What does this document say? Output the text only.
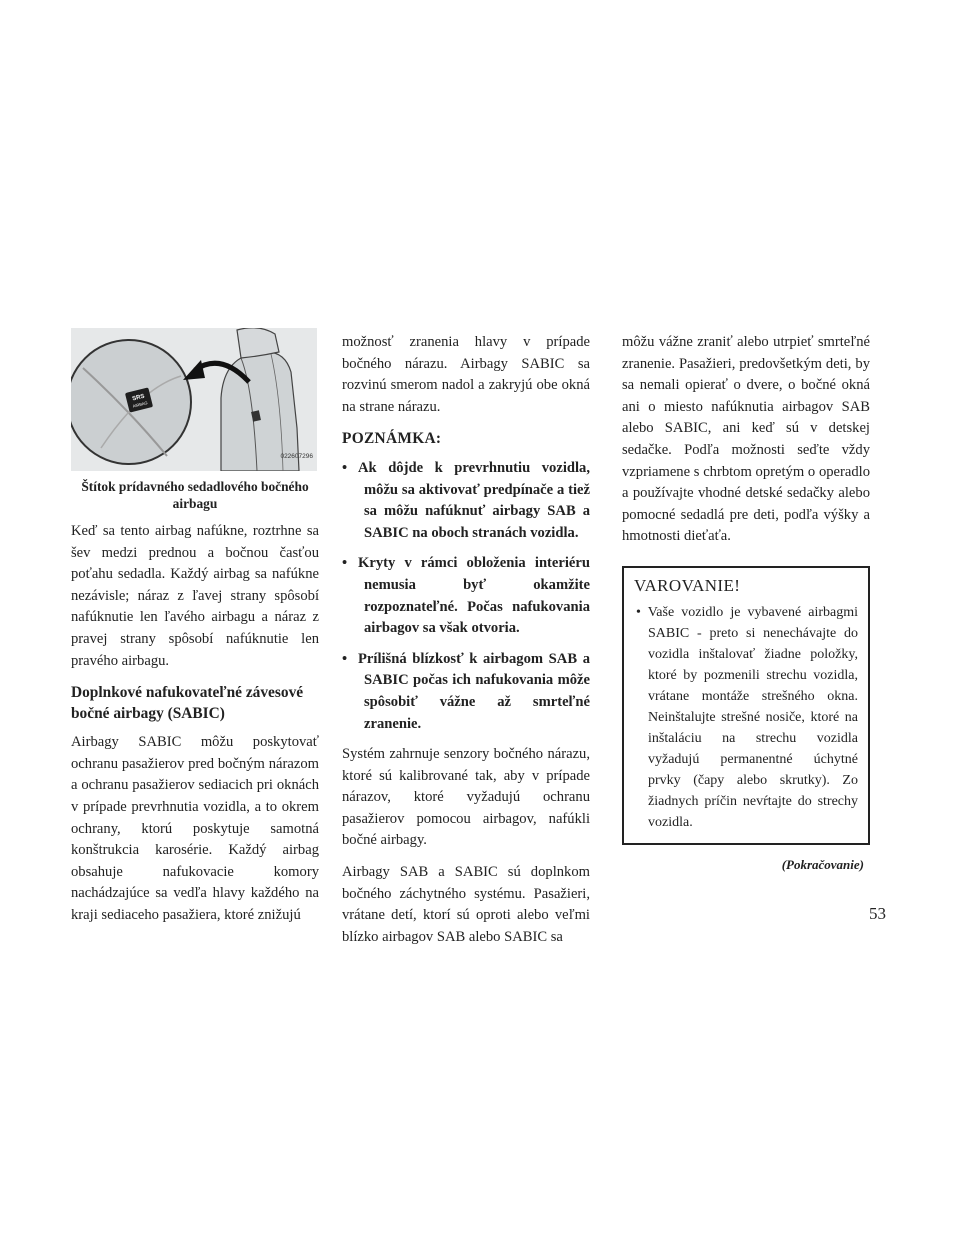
SRS
AIRBAG
022607296
Štítok prídavného sedadlového bočného airbagu

Keď sa tento airbag nafúkne, roztrhne sa šev medzi prednou a bočnou časťou poťahu sedadla. Každý airbag sa nafúkne nezávisle; náraz z ľavej strany spôsobí nafúknutie len ľavého airbagu a náraz z pravej strany spôsobí nafúknutie len pravého airbagu.

Doplnkové nafukovateľné závesové bočné airbagy (SABIC)

Airbagy SABIC môžu poskytovať ochranu pasažierov pred bočným nárazom a ochranu pasažierov sediacich pri oknách v prípade prevrhnutia vozidla, a to okrem ochrany, ktorú poskytuje samotná konštrukcia karosérie. Každý airbag obsahuje nafukovacie komory nachádzajúce sa vedľa hlavy každého na kraji sediaceho pasažiera, ktoré znižujú

možnosť zranenia hlavy v prípade bočného nárazu. Airbagy SABIC sa rozvinú smerom nadol a zakryjú obe okná na strane nárazu.

POZNÁMKA:
• Ak dôjde k prevrhnutiu vozidla, môžu sa aktivovať predpínače a tiež sa môžu nafúknuť airbagy SAB a SABIC na oboch stranách vozidla.
• Kryty v rámci obloženia interiéru nemusia byť okamžite rozpoznateľné. Počas nafukovania airbagov sa však otvoria.
• Prílišná blízkosť k airbagom SAB a SABIC počas ich nafukovania môže spôsobiť vážne až smrteľné zranenie.

Systém zahrnuje senzory bočného nárazu, ktoré sú kalibrované tak, aby v prípade nárazov, ktoré vyžadujú ochranu pasažierov pomocou airbagov, nafúkli bočné airbagy.

Airbagy SAB a SABIC sú doplnkom bočného záchytného systému. Pasažieri, vrátane detí, ktorí sú oproti alebo veľmi blízko airbagov SAB alebo SABIC sa

môžu vážne zraniť alebo utrpieť smrteľné zranenie. Pasažieri, predovšetkým deti, by sa nemali opierať o dvere, o bočné okná ani o miesto nafúknutia airbagov SAB alebo SABIC, ani keď sú v detskej sedačke. Podľa možnosti seďte vždy vzpriamene s chrbtom opretým o operadlo a používajte vhodné detské sedačky alebo pomocné sedadlá pre deti, podľa výšky a hmotnosti dieťaťa.

VAROVANIE!

• Vaše vozidlo je vybavené airbagmi SABIC - preto si nenechávajte do vozidla inštalovať žiadne položky, ktoré by pozmenili strechu vozidla, vrátane montáže strešného okna. Neinštalujte strešné nosiče, ktoré na inštaláciu na strechu vozidla vyžadujú permanentné úchytné prvky (čapy alebo skrutky). Zo žiadnych príčin nevŕtajte do strechy vozidla.

(Pokračovanie)
53
